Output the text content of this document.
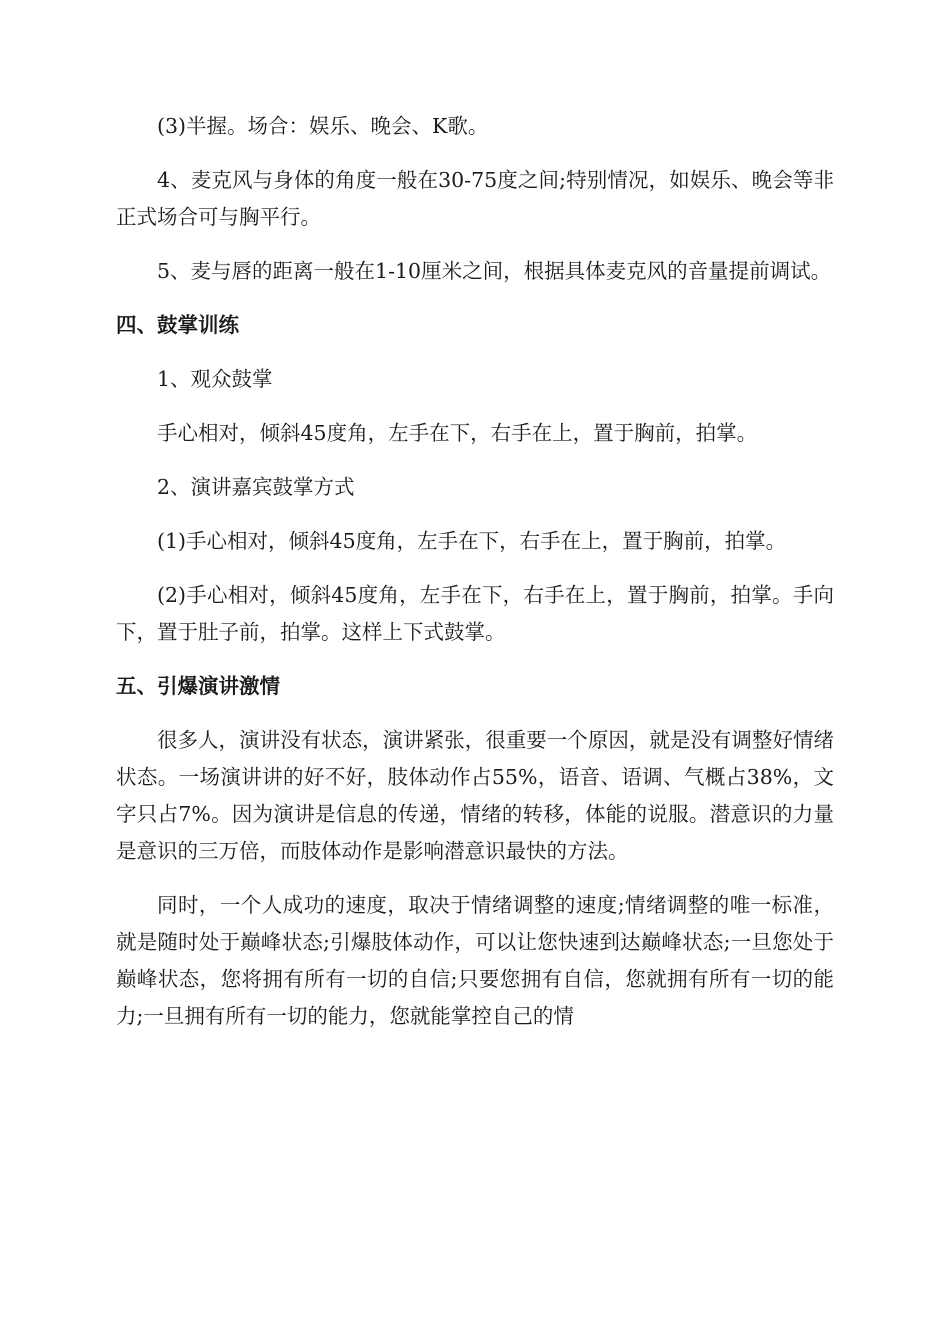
(3)半握。场合：娱乐、晚会、K歌。

4、麦克风与身体的角度一般在30-75度之间;特别情况，如娱乐、晚会等非正式场合可与胸平行。

5、麦与唇的距离一般在1-10厘米之间，根据具体麦克风的音量提前调试。

四、鼓掌训练

1、观众鼓掌

手心相对，倾斜45度角，左手在下，右手在上，置于胸前，拍掌。

2、演讲嘉宾鼓掌方式

(1)手心相对，倾斜45度角，左手在下，右手在上，置于胸前，拍掌。

(2)手心相对，倾斜45度角，左手在下，右手在上，置于胸前，拍掌。手向下，置于肚子前，拍掌。这样上下式鼓掌。

五、引爆演讲激情

很多人，演讲没有状态，演讲紧张，很重要一个原因，就是没有调整好情绪状态。一场演讲讲的好不好，肢体动作占55%，语音、语调、气概占38%，文字只占7%。因为演讲是信息的传递，情绪的转移，体能的说服。潜意识的力量是意识的三万倍，而肢体动作是影响潜意识最快的方法。

同时，一个人成功的速度，取决于情绪调整的速度;情绪调整的唯一标准，就是随时处于巅峰状态;引爆肢体动作，可以让您快速到达巅峰状态;一旦您处于巅峰状态，您将拥有所有一切的自信;只要您拥有自信，您就拥有所有一切的能力;一旦拥有所有一切的能力，您就能掌控自己的情
